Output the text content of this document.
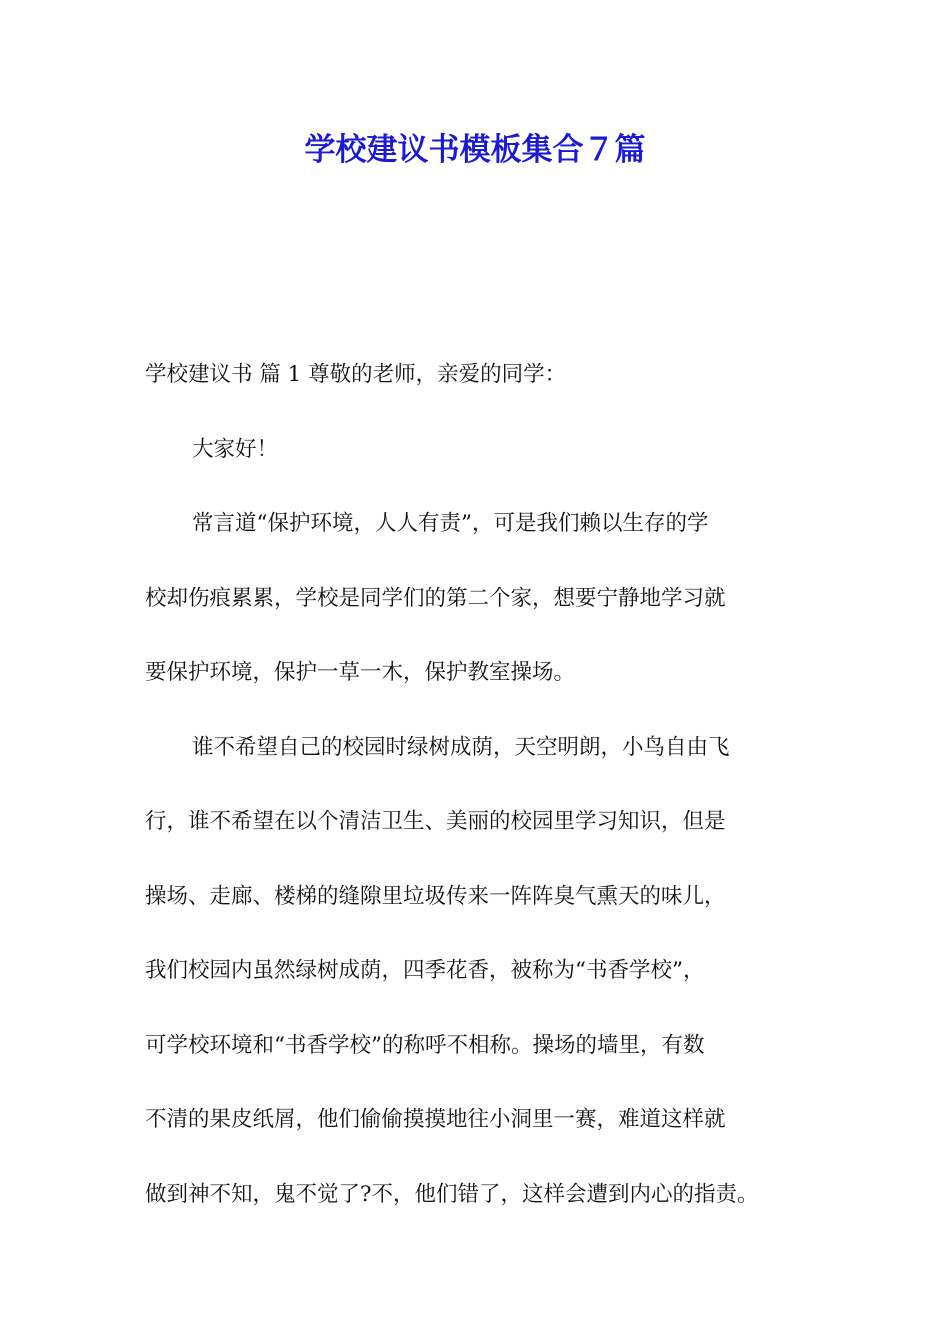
学校建议书模板集合７篇
学校建议书 篇 1 尊敬的老师，亲爱的同学：
大家好！
常言道“保护环境，人人有责”，可是我们赖以生存的学
校却伤痕累累，学校是同学们的第二个家，想要宁静地学习就
要保护环境，保护一草一木，保护教室操场。
谁不希望自己的校园时绿树成荫，天空明朗，小鸟自由飞
行，谁不希望在以个清洁卫生、美丽的校园里学习知识，但是
操场、走廊、楼梯的缝隙里垃圾传来一阵阵臭气熏天的味儿，
我们校园内虽然绿树成荫，四季花香，被称为“书香学校”，
可学校环境和“书香学校”的称呼不相称。操场的墙里，有数
不清的果皮纸屑，他们偷偷摸摸地往小洞里一赛，难道这样就
做到神不知，鬼不觉了?不，他们错了，这样会遭到内心的指责。
